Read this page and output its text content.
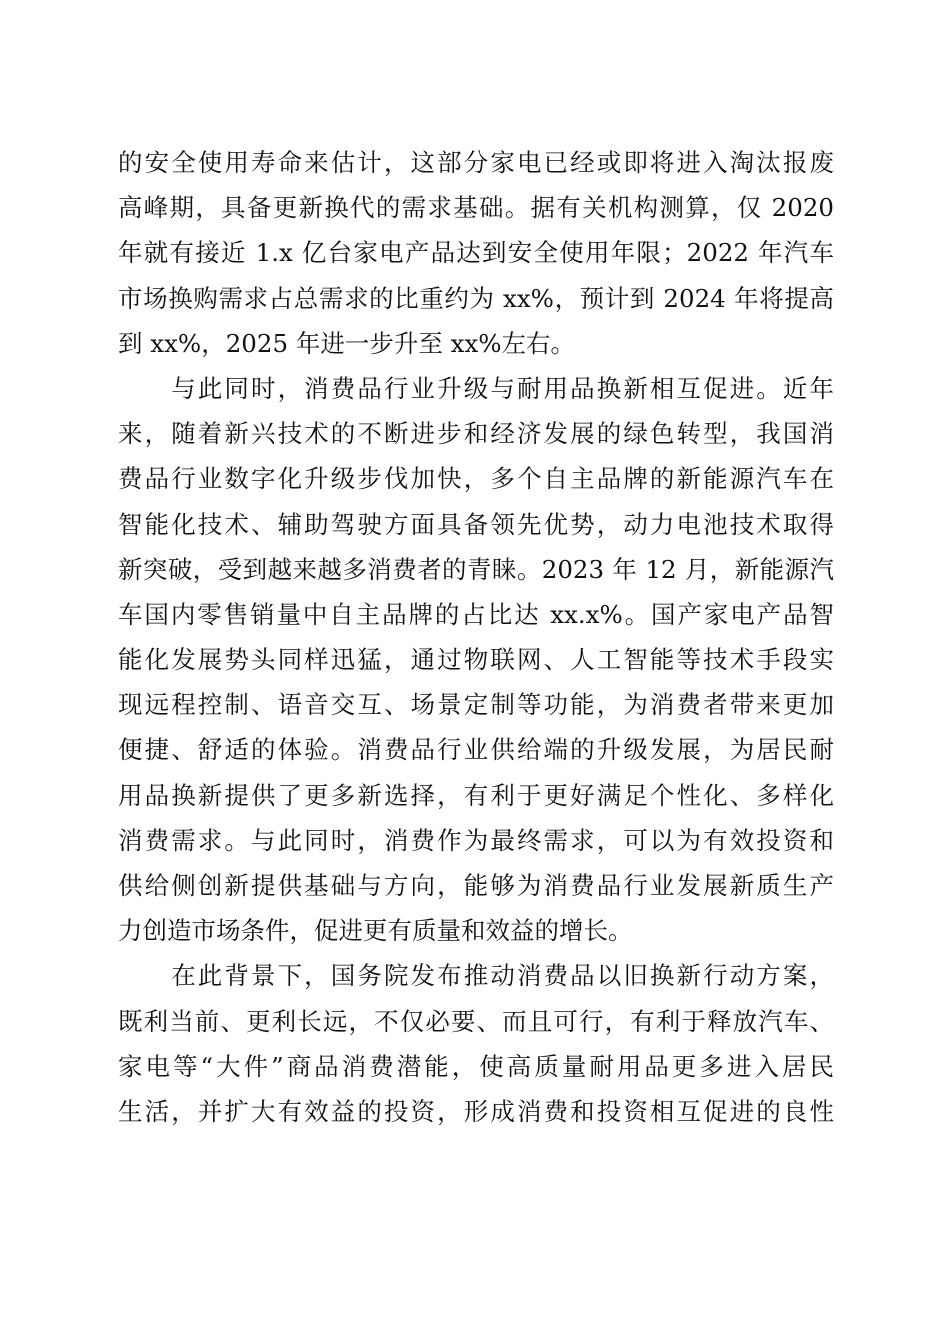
的安全使用寿命来估计，这部分家电已经或即将进入淘汰报废
高峰期，具备更新换代的需求基础。据有关机构测算，仅 2020
年就有接近 1.x 亿台家电产品达到安全使用年限；2022 年汽车
市场换购需求占总需求的比重约为 xx%，预计到 2024 年将提高
到 xx%，2025 年进一步升至 xx%左右。
　　与此同时，消费品行业升级与耐用品换新相互促进。近年
来，随着新兴技术的不断进步和经济发展的绿色转型，我国消
费品行业数字化升级步伐加快，多个自主品牌的新能源汽车在
智能化技术、辅助驾驶方面具备领先优势，动力电池技术取得
新突破，受到越来越多消费者的青睐。2023 年 12 月，新能源汽
车国内零售销量中自主品牌的占比达 xx.x%。国产家电产品智
能化发展势头同样迅猛，通过物联网、人工智能等技术手段实
现远程控制、语音交互、场景定制等功能，为消费者带来更加
便捷、舒适的体验。消费品行业供给端的升级发展，为居民耐
用品换新提供了更多新选择，有利于更好满足个性化、多样化
消费需求。与此同时，消费作为最终需求，可以为有效投资和
供给侧创新提供基础与方向，能够为消费品行业发展新质生产
力创造市场条件，促进更有质量和效益的增长。
　　在此背景下，国务院发布推动消费品以旧换新行动方案，
既利当前、更利长远，不仅必要、而且可行，有利于释放汽车、
家电等“大件”商品消费潜能，使高质量耐用品更多进入居民
生活，并扩大有效益的投资，形成消费和投资相互促进的良性
